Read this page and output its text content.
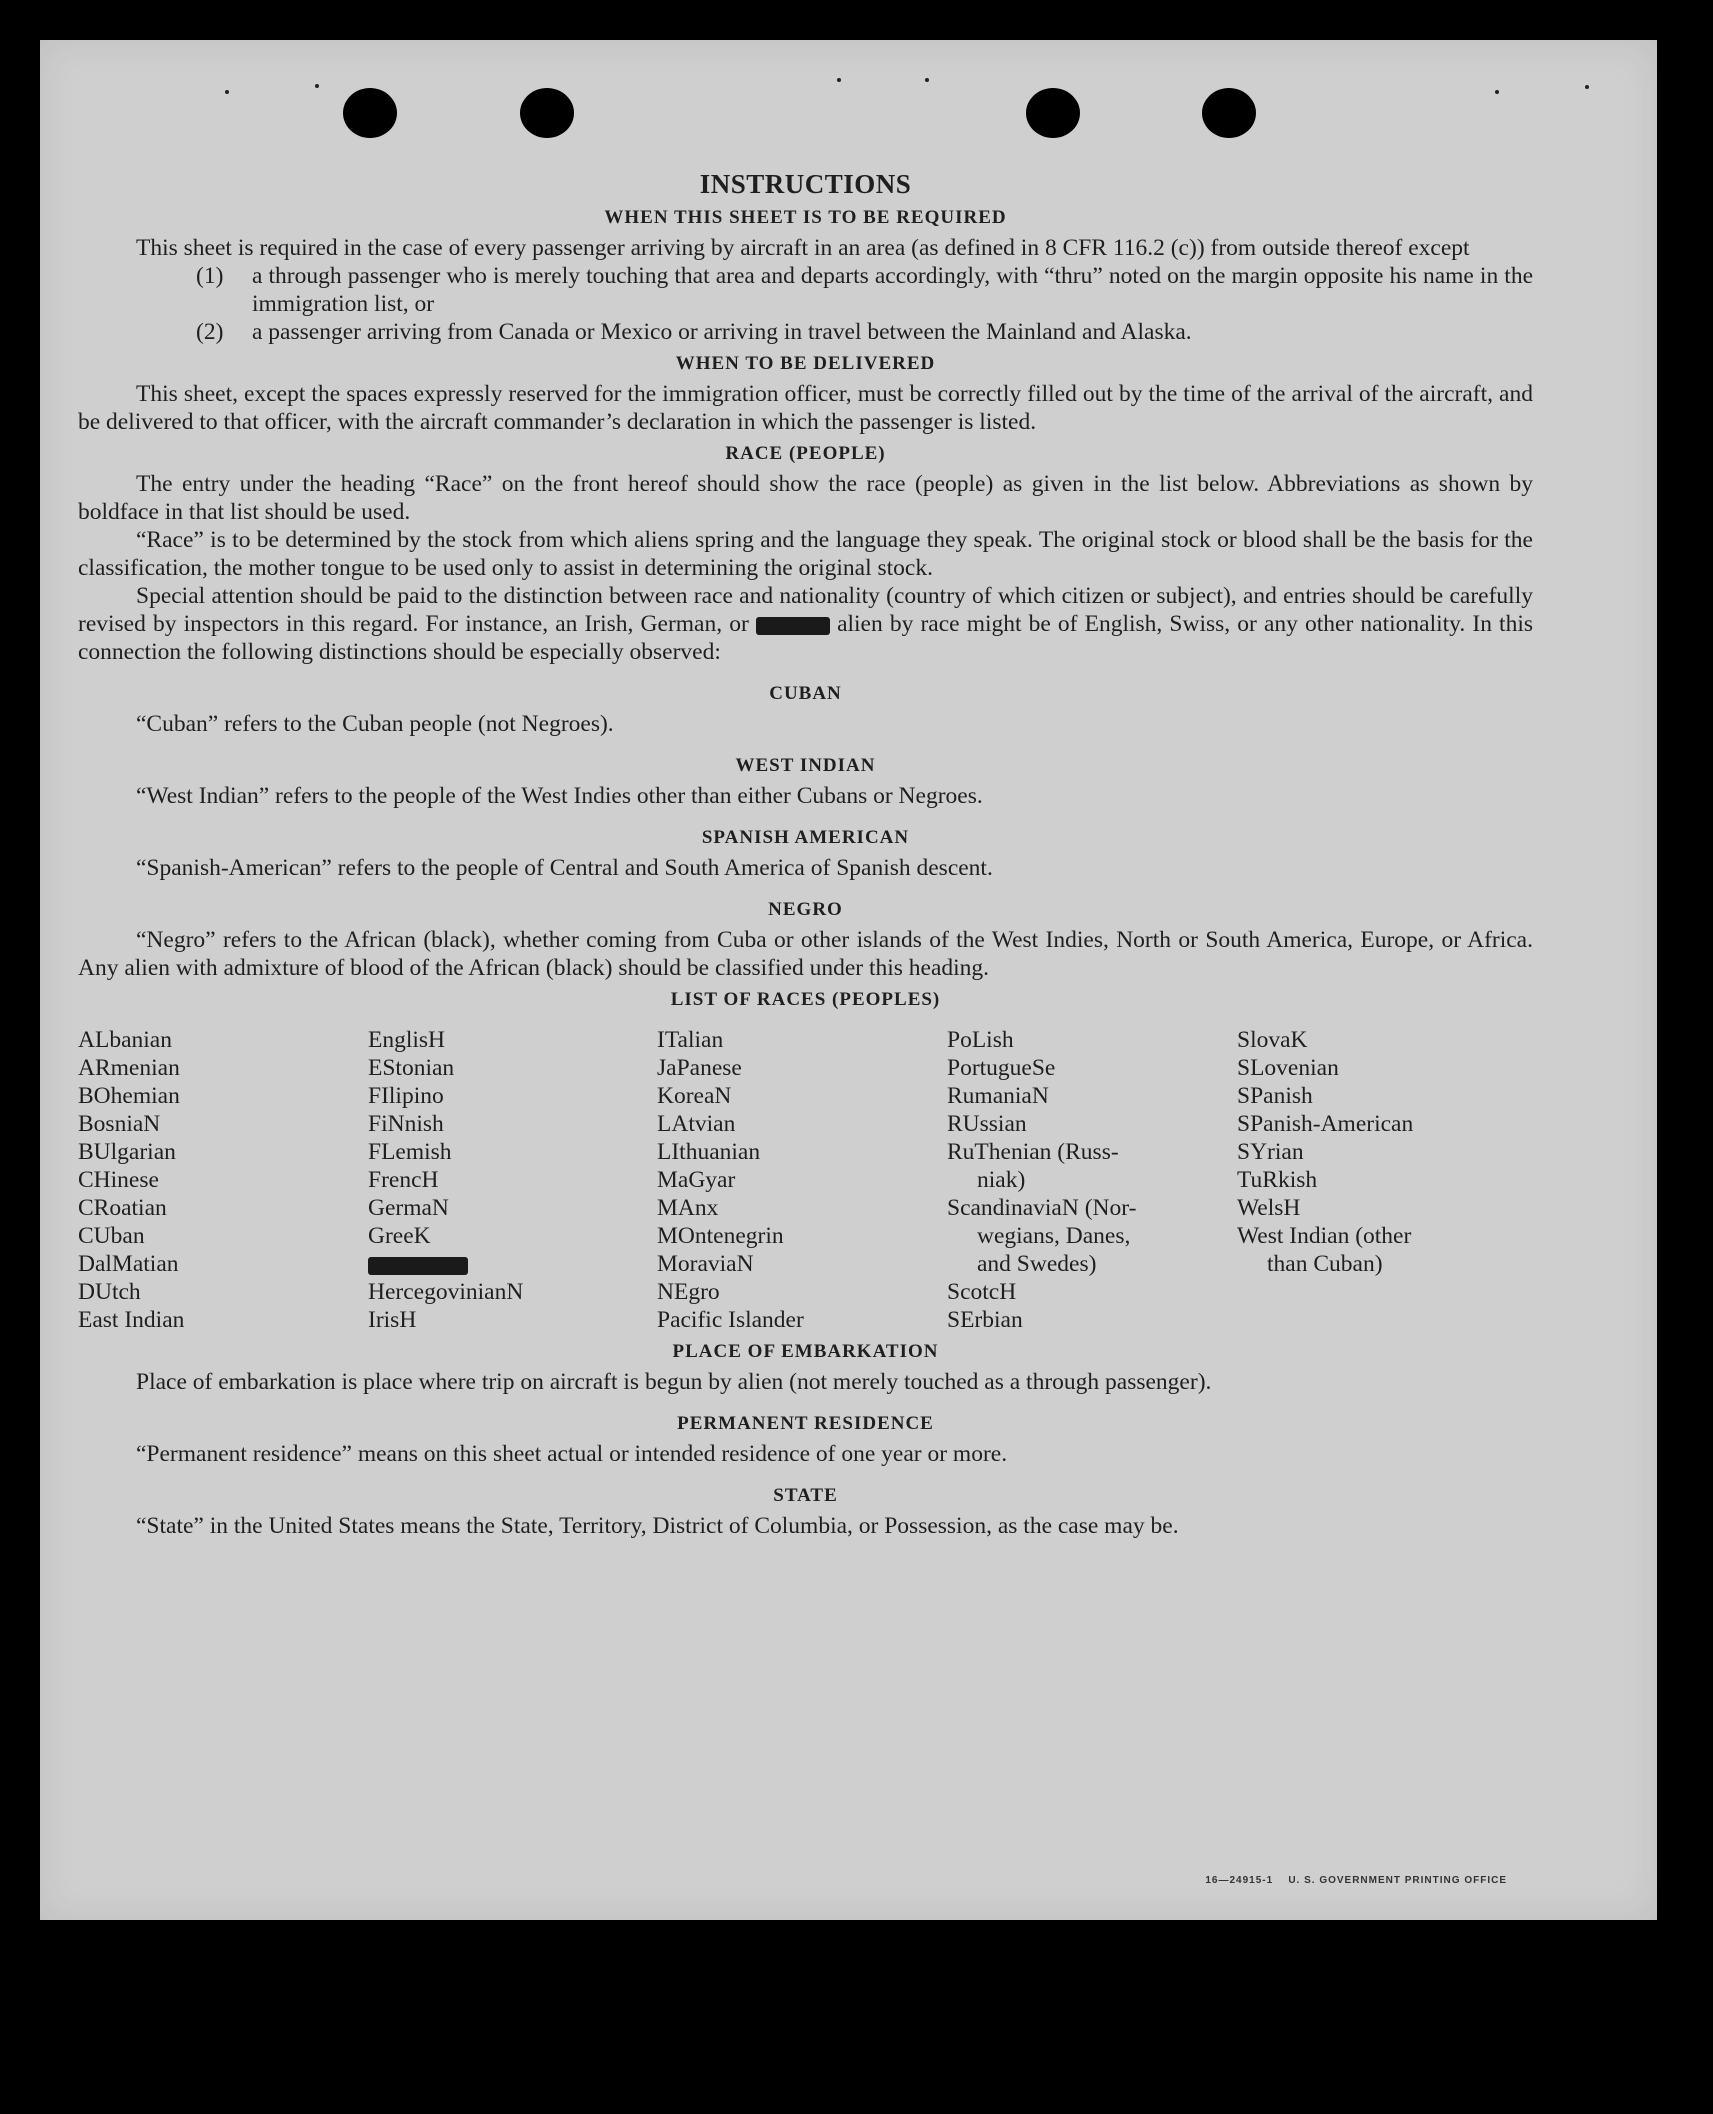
INSTRUCTIONS
WHEN THIS SHEET IS TO BE REQUIRED

This sheet is required in the case of every passenger arriving by aircraft in an area (as defined in 8 CFR 116.2 (c)) from outside thereof except

(1)	a through passenger who is merely touching that area and departs accordingly, with “thru” noted on the margin opposite his name in the immigration list, or
(2)	a passenger arriving from Canada or Mexico or arriving in travel between the Mainland and Alaska.
WHEN TO BE DELIVERED

This sheet, except the spaces expressly reserved for the immigration officer, must be correctly filled out by the time of the arrival of the aircraft, and be delivered to that officer, with the aircraft commander’s declaration in which the passenger is listed.

RACE (PEOPLE)

The entry under the heading “Race” on the front hereof should show the race (people) as given in the list below. Abbreviations as shown by boldface in that list should be used.

“Race” is to be determined by the stock from which aliens spring and the language they speak. The original stock or blood shall be the basis for the classification, the mother tongue to be used only to assist in determining the original stock.

Special attention should be paid to the distinction between race and nationality (country of which citizen or subject), and entries should be carefully revised by inspectors in this regard. For instance, an Irish, German, or	alien by race might be of English, Swiss, or any other nationality. In this connection the following distinctions should be especially observed:

CUBAN

“Cuban” refers to the Cuban people (not Negroes).

WEST INDIAN

“West Indian” refers to the people of the West Indies other than either Cubans or Negroes.

SPANISH AMERICAN

“Spanish-American” refers to the people of Central and South America of Spanish descent.

NEGRO

“Negro” refers to the African (black), whether coming from Cuba or other islands of the West Indies, North or South America, Europe, or Africa. Any alien with admixture of blood of the African (black) should be classified under this heading.

LIST OF RACES (PEOPLES)
ALbanian
ARmenian
BOhemian
BosniaN
BUlgarian
CHinese
CRoatian
CUban
DalMatian
DUtch
East Indian
EnglisH
EStonian
FIlipino
FiNnish
FLemish
FrencH
GermaN
GreeK
HercegovinianN
IrisH
ITalian
JaPanese
KoreaN
LAtvian
LIthuanian
MaGyar
MAnx
MOntenegrin
MoraviaN
NEgro
Pacific Islander
PoLish
PortugueSe
RumaniaN
RUssian
RuThenian (Russ-
niak)
ScandinaviaN (Nor-
wegians, Danes,
and Swedes)
ScotcH
SErbian
SlovaK
SLovenian
SPanish
SPanish-American
SYrian
TuRkish
WelsH
West Indian (other
than Cuban)
PLACE OF EMBARKATION

Place of embarkation is place where trip on aircraft is begun by alien (not merely touched as a through passenger).

PERMANENT RESIDENCE

“Permanent residence” means on this sheet actual or intended residence of one year or more.

STATE

“State” in the United States means the State, Territory, District of Columbia, or Possession, as the case may be.

16—24915-1 U. S. GOVERNMENT PRINTING OFFICE
